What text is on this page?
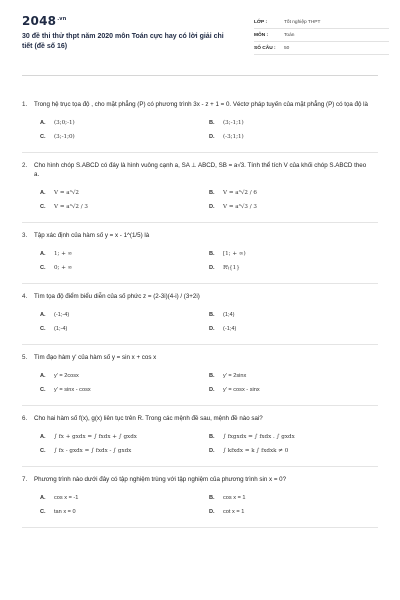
$2048^{.vn}$
30 đề thi thử thpt năm 2020 môn Toán cực hay có lời giải chi tiết (đề số 16)
LỚP :	Tốt nghiệp THPT
MÔN :	Toán
SỐ CÂU :	50
1.	Trong hệ trục tọa độ , cho mặt phẳng (P) có phương trình 3x - z + 1 = 0. Véctơ pháp tuyến của mặt phẳng (P) có tọa độ là
A.	(3;0;-1)	B.	(3;-1;1)
C.	(3;-1;0)	D.	(-3;1;1)
2.	Cho hình chóp S.ABCD có đáy là hình vuông cạnh a, SA ⊥ ABCD, SB = a√3. Tính thể tích V của khối chóp S.ABCD theo a.
A.	V = a³√2	B.	V = a³√2 / 6
C.	V = a³√2 / 3	D.	V = a³√3 / 3
3.	Tập xác định của hàm số y = x - 1^(1/5) là
A.	1; + ∞	B.	[1; + ∞)
C.	0; + ∞	D.	R\{1}
4.	Tìm tọa độ điểm biểu diễn của số phức z = (2-3i)(4-i) / (3+2i)
A.	(-1;-4)	B.	(1;4)
C.	(1;-4)	D.	(-1;4)
5.	Tìm đạo hàm y' của hàm số y = sin x + cos x
A.	y' = 2cosx	B.	y' = 2sinx
C.	y' = sinx - cosx	D.	y' = cosx - sinx
6.	Cho hai hàm số f(x), g(x) liên tục trên R. Trong các mệnh đề sau, mệnh đề nào sai?
A.	∫ fx + gxdx = ∫ fxdx + ∫ gxdx	B.	∫ fxgxdx = ∫ fxdx . ∫ gxdx
C.	∫ fx - gxdx = ∫ fxdx - ∫ gxdx	D.	∫ kfxdx = k ∫ fxdxk ≠ 0
7.	Phương trình nào dưới đây có tập nghiệm trùng với tập nghiệm của phương trình sin x = 0?
A.	cos x = -1	B.	cos x = 1
C.	tan x = 0	D.	cot x = 1
